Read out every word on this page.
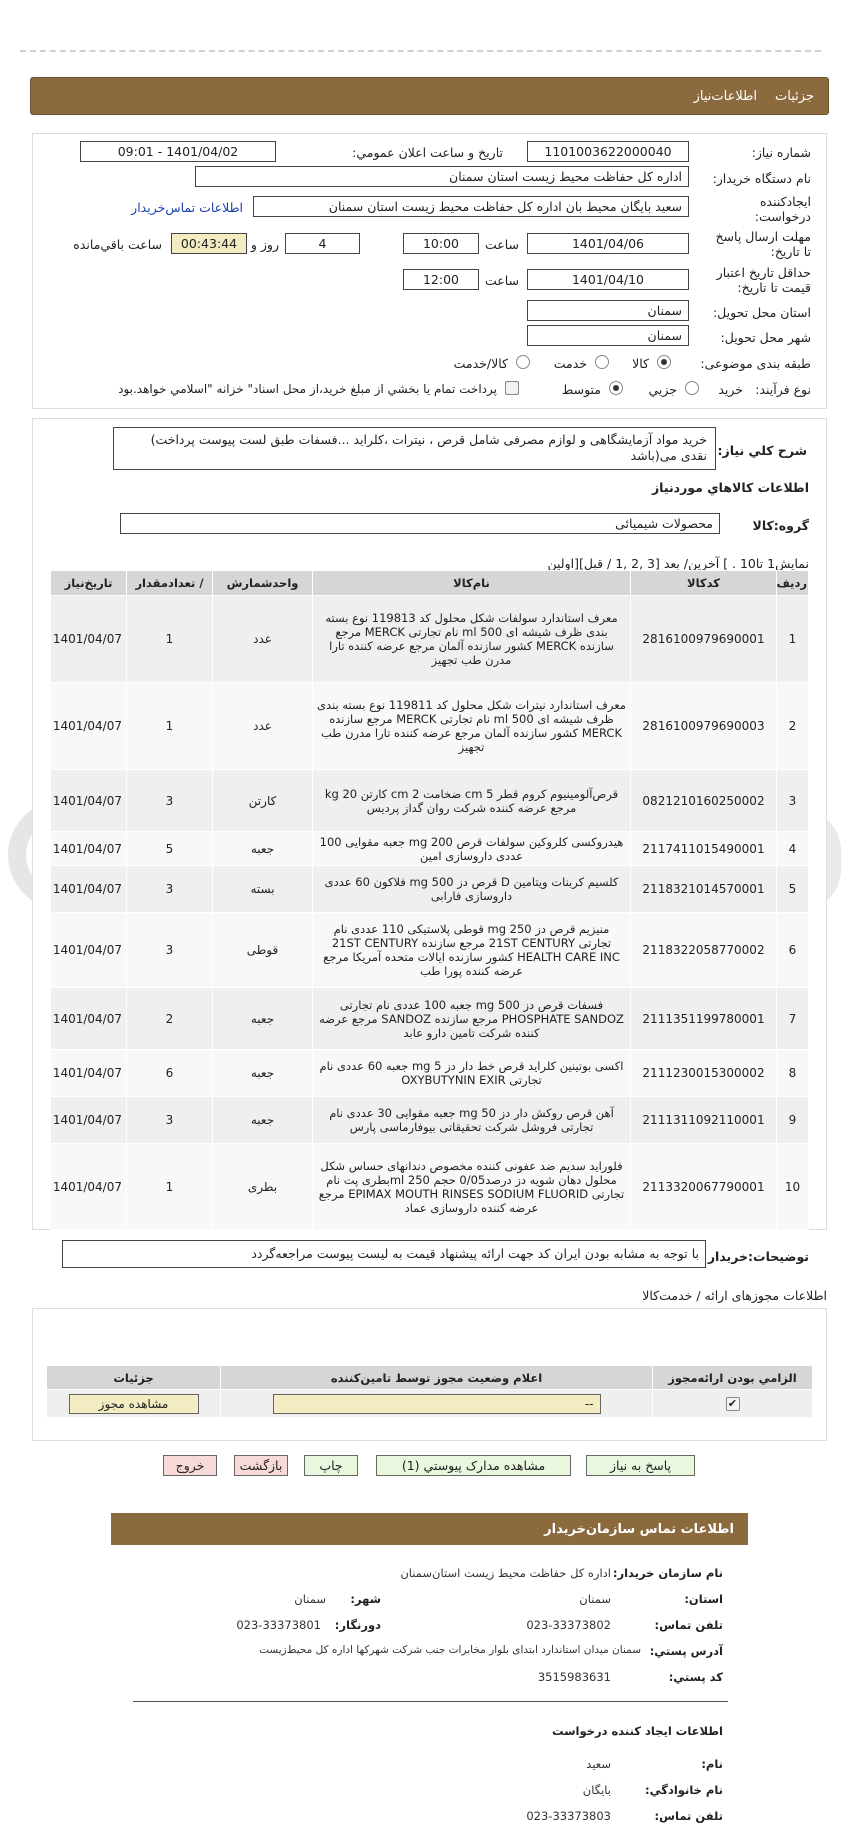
جزئيات
اطلاعات‌نياز
شماره نياز:
1101003622000040
تاريخ و ساعت اعلان عمومي:
1401/04/02 - 09:01
نام دستگاه خريدار:
اداره کل حفاظت محیط زیست استان سمنان
ايجادکننده درخواست:
سعید بایگان محیط بان اداره کل حفاظت محیط زیست استان سمنان
اطلاعات تماس‌خريدار
مهلت ارسال پاسخ تا تاريخ:
1401/04/06
ساعت
10:00
4
روز و
00:43:44
ساعت باقي‌مانده
حداقل تاريخ اعتبار قيمت تا تاريخ:
1401/04/10
ساعت
12:00
استان محل تحويل:
سمنان
شهر محل تحويل:
سمنان
طبقه بندی موضوعی:
کالا
خدمت
کالا/خدمت
نوع فرآيند:
خريد
جزيي
متوسط
پرداخت تمام يا بخشي از مبلغ خريد،از محل اسناد" خزانه "اسلامي خواهد.بود
شرح کلي نياز:
خرید مواد آزمایشگاهی و لوازم مصرفی شامل قرص ، نیترات ،کلراید ...فسفات طبق لست پیوست پرداخت) نقدی می(باشد
اطلاعات کالاهاي مورد‌نياز
گروه‌:کالا
محصولات شیمیائی
نمايش1 تا10 . ] آخرين/ بعد [3 ,2 ,1 / قبل][اولين
رديف	کدکالا	نام‌کالا	واحدشمارش	/ تعدادمقدار	تاريخ‌نياز
1	2816100979690001	معرف استاندارد سولفات شکل محلول کد 119813 نوع بسته بندی ظرف شیشه ای 500 ml نام تجارتی MERCK مرجع سازنده MERCK کشور سازنده آلمان مرجع عرضه کننده تارا مدرن طب تجهیز	عدد	1	1401/04/07
2	2816100979690003	معرف استاندارد نیترات شکل محلول کد 119811 نوع بسته بندی ظرف شیشه ای 500 ml نام تجارتی MERCK مرجع سازنده MERCK کشور سازنده آلمان مرجع عرضه کننده تارا مدرن طب تجهیز	عدد	1	1401/04/07
3	0821210160250002	قرص‌آلومینیوم کروم قطر 5 cm ضخامت 2 cm کارتن 20 kg مرجع عرضه کننده شرکت روان گداز پردیس	کارتن	3	1401/04/07
4	2117411015490001	هیدروکسی کلروکین سولفات قرص 200 mg جعبه مقوایی 100 عددی داروسازی امین	جعبه	5	1401/04/07
5	2118321014570001	کلسیم کربنات ویتامین D قرص دز 500 mg فلاکون 60 عددی داروسازی فارابی	بسته	3	1401/04/07
6	2118322058770002	منیزیم قرص دز 250 mg قوطی پلاستیکی 110 عددی نام تجارتی 21ST CENTURY مرجع سازنده 21ST CENTURY HEALTH CARE INC کشور سازنده ایالات متحده آمریکا مرجع عرضه کننده پورا طب	قوطی	3	1401/04/07
7	2111351199780001	فسفات قرص دز 500 mg جعبه 100 عددی نام تجارتی PHOSPHATE SANDOZ مرجع سازنده SANDOZ مرجع عرضه کننده شرکت تامین دارو عابد	جعبه	2	1401/04/07
8	2111230015300002	اکسی بوتینین کلراید قرص خط دار دز 5 mg جعبه 60 عددی نام تجارتی OXYBUTYNIN EXIR	جعبه	6	1401/04/07
9	2111311092110001	آهن قرص روکش دار دز 50 mg جعبه مقوایی 30 عددی نام تجارتی فروشل شرکت تحقیقاتی بیوفارماسی پارس	جعبه	3	1401/04/07
10	2113320067790001	فلوراید سدیم ضد عفونی کننده مخصوص دندانهای حساس شکل محلول دهان شویه دز درصد0/05 حجم 250 mlبطری پت نام تجارتی EPIMAX MOUTH RINSES SODIUM FLUORID مرجع عرضه کننده داروسازی عماد	بطری	1	1401/04/07
توضيحات:خريدار
با توجه به مشابه بودن ایران کد جهت ارائه پیشنهاد قیمت به لیست پیوست مراجعه‌گردد
اطلاعات مجوزهاى ارائه / خدمت‌کالا
الزامي بودن ارائه‌مجوز	اعلام وضعيت مجوز توسط تامين‌کننده	جزئيات
✔	--	مشاهده مجوز
پاسخ به نياز
مشاهده مدارک پيوستي (1)
چاپ
بازگشت
خروج
اطلاعات تماس سازمان‌خريدار
نام سازمان خريدار:
اداره کل حفاظت محیط زیست استان‌سمنان
استان:
سمنان
شهر:
سمنان
تلفن تماس:
023-33373802
دورنگار:
023-33373801
آدرس پستي:
سمنان میدان استاندارد ابتدای بلوار مخابرات جنب شرکت شهرکها اداره کل محیط‌زیست
کد پستي:
3515983631
اطلاعات ايجاد کننده درخواست
نام:
سعید
نام خانوادگي:
بایگان
تلفن تماس:
023-33373803
